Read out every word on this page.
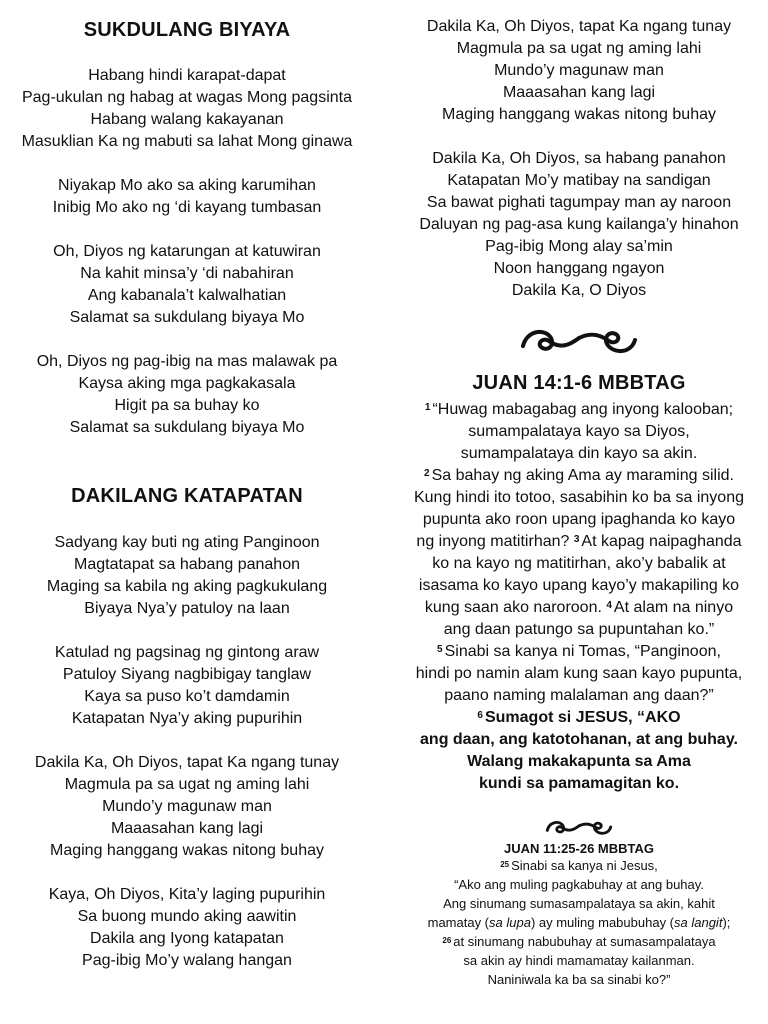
SUKDULANG BIYAYA
Habang hindi karapat-dapat
Pag-ukulan ng habag at wagas Mong pagsinta
Habang walang kakayanan
Masuklian Ka ng mabuti sa lahat Mong ginawa
Niyakap Mo ako sa aking karumihan
Inibig Mo ako ng ‘di kayang tumbasan
Oh, Diyos ng katarungan at katuwiran
Na kahit minsa’y ‘di nabahiran
Ang kabanala’t kalwalhatian
Salamat sa sukdulang biyaya Mo
Oh, Diyos ng pag-ibig na mas malawak pa
Kaysa aking mga pagkakasala
Higit pa sa buhay ko
Salamat sa sukdulang biyaya Mo
DAKILANG KATAPATAN
Sadyang kay buti ng ating Panginoon
Magtatapat sa habang panahon
Maging sa kabila ng aking pagkukulang
Biyaya Nya’y patuloy na laan
Katulad ng pagsinag ng gintong araw
Patuloy Siyang nagbibigay tanglaw
Kaya sa puso ko’t damdamin
Katapatan Nya’y aking pupurihin
Dakila Ka, Oh Diyos, tapat Ka ngang tunay
Magmula pa sa ugat ng aming lahi
Mundo’y magunaw man
Maaasahan kang lagi
Maging hanggang wakas nitong buhay
Kaya, Oh Diyos, Kita’y laging pupurihin
Sa buong mundo aking aawitin
Dakila ang Iyong katapatan
Pag-ibig Mo’y walang hangan
Dakila Ka, Oh Diyos, tapat Ka ngang tunay
Magmula pa sa ugat ng aming lahi
Mundo’y magunaw man
Maaasahan kang lagi
Maging hanggang wakas nitong buhay
Dakila Ka, Oh Diyos, sa habang panahon
Katapatan Mo’y matibay na sandigan
Sa bawat pighati tagumpay man ay naroon
Daluyan ng pag-asa kung kailanga’y hinahon
Pag-ibig Mong alay sa’min
Noon hanggang ngayon
Dakila Ka, O Diyos
JUAN 14:1-6 MBBTAG
$^1$ “Huwag mabagabag ang inyong kalooban;
sumampalataya kayo sa Diyos,
sumampalataya din kayo sa akin.
$^2$ Sa bahay ng aking Ama ay maraming silid.
Kung hindi ito totoo, sasabihin ko ba sa inyong
pupunta ako roon upang ipaghanda ko kayo
ng inyong matitirhan? $^3$ At kapag naipaghanda
ko na kayo ng matitirhan, ako’y babalik at
isasama ko kayo upang kayo’y makapiling ko
kung saan ako naroroon. $^4$ At alam na ninyo
ang daan patungo sa pupuntahan ko.”
$^5$ Sinabi sa kanya ni Tomas, “Panginoon,
hindi po namin alam kung saan kayo pupunta,
paano naming malalaman ang daan?”
$^6$ Sumagot si JESUS, “AKO
ang daan, ang katotohanan, at ang buhay.
Walang makakapunta sa Ama
kundi sa pamamagitan ko.
JUAN 11:25-26 MBBTAG
$^{25}$ Sinabi sa kanya ni Jesus,
“Ako ang muling pagkabuhay at ang buhay.
Ang sinumang sumasampalataya sa akin, kahit
mamatay (sa lupa) ay muling mabubuhay (sa langit);
$^{26}$ at sinumang nabubuhay at sumasampalataya
sa akin ay hindi mamamatay kailanman.
Naniniwala ka ba sa sinabi ko?”
